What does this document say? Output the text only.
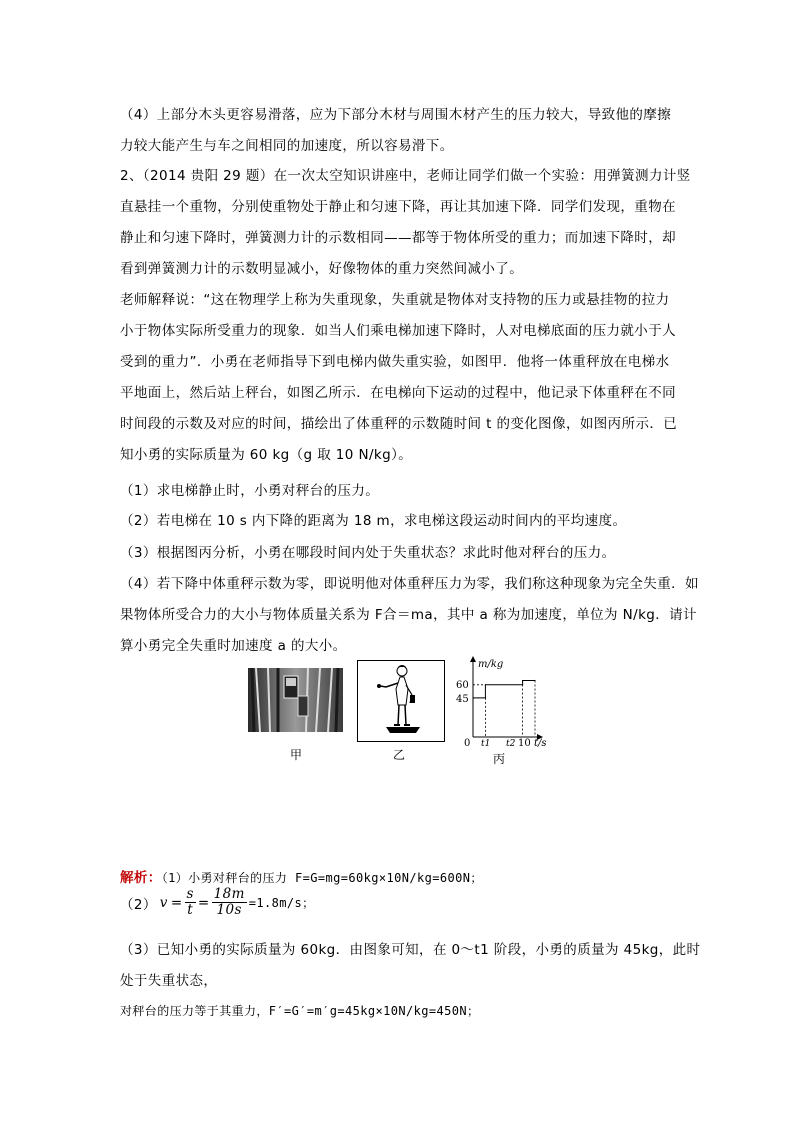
（4）上部分木头更容易滑落，应为下部分木材与周围木材产生的压力较大，导致他的摩擦
力较大能产生与车之间相同的加速度，所以容易滑下。
2、（2014 贵阳 29 题）在一次太空知识讲座中，老师让同学们做一个实验：用弹簧测力计竖
直悬挂一个重物，分别使重物处于静止和匀速下降，再让其加速下降．同学们发现，重物在
静止和匀速下降时，弹簧测力计的示数相同——都等于物体所受的重力；而加速下降时，却
看到弹簧测力计的示数明显减小，好像物体的重力突然间减小了。
老师解释说：“这在物理学上称为失重现象，失重就是物体对支持物的压力或悬挂物的拉力
小于物体实际所受重力的现象．如当人们乘电梯加速下降时，人对电梯底面的压力就小于人
受到的重力”．小勇在老师指导下到电梯内做失重实验，如图甲．他将一体重秤放在电梯水
平地面上，然后站上秤台，如图乙所示．在电梯向下运动的过程中，他记录下体重秤在不同
时间段的示数及对应的时间，描绘出了体重秤的示数随时间 t 的变化图像，如图丙所示．已
知小勇的实际质量为 60 kg（g 取 10 N/kg）。
（1）求电梯静止时，小勇对秤台的压力。
（2）若电梯在 10 s 内下降的距离为 18 m，求电梯这段运动时间内的平均速度。
（3）根据图丙分析，小勇在哪段时间内处于失重状态？求此时他对秤台的压力。
（4）若下降中体重秤示数为零，即说明他对体重秤压力为零，我们称这种现象为完全失重．如
果物体所受合力的大小与物体质量关系为 F合＝ma，其中 a 称为加速度，单位为 N/kg．请计
算小勇完全失重时加速度 a 的大小。
甲	乙
m/kg
t/s
60
45
0 t1 t2 10
丙
解析：（1）小勇对秤台的压力 F=G=mg=60kg×10N/kg=600N；
（2） $v = \frac{s}{t} = \frac{18m}{10s} =1.8m/s$；
（3）已知小勇的实际质量为 60kg．由图象可知，在 0～t1 阶段，小勇的质量为 45kg，此时
处于失重状态，
对秤台的压力等于其重力，F′=G′=m′g=45kg×10N/kg=450N；
